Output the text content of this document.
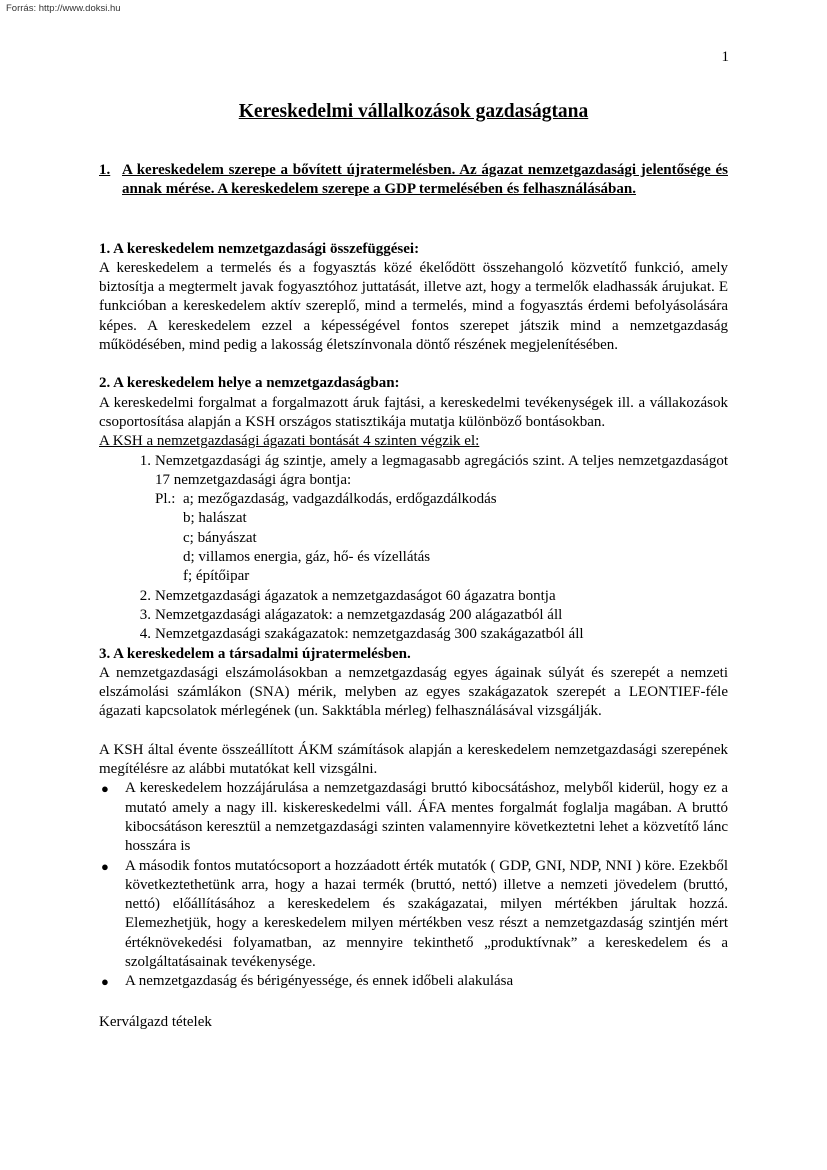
Forrás: http://www.doksi.hu
1
Kereskedelmi vállalkozások gazdaságtana
1. A kereskedelem szerepe a bővített újratermelésben. Az ágazat nemzetgazdasági jelentősége és annak mérése. A kereskedelem szerepe a GDP termelésében és felhasználásában.

1. A kereskedelem nemzetgazdasági összefüggései:

A kereskedelem a termelés és a fogyasztás közé ékelődött összehangoló közvetítő funkció, amely biztosítja a megtermelt javak fogyasztóhoz juttatását, illetve azt, hogy a termelők eladhassák árujukat. E funkcióban a kereskedelem aktív szereplő, mind a termelés, mind a fogyasztás érdemi befolyásolására képes. A kereskedelem ezzel a képességével fontos szerepet játszik mind a nemzetgazdaság működésében, mind pedig a lakosság életszínvonala döntő részének megjelenítésében.

2. A kereskedelem helye a nemzetgazdaságban:

A kereskedelmi forgalmat a forgalmazott áruk fajtási, a kereskedelmi tevékenységek ill. a vállakozások csoportosítása alapján a KSH országos statisztikája mutatja különböző bontásokban.

A KSH a nemzetgazdasági ágazati bontását 4 szinten végzik el:

1. Nemzetgazdasági ág szintje, amely a legmagasabb agregációs szint. A teljes nemzetgazdaságot 17 nemzetgazdasági ágra bontja:
Pl.: a; mezőgazdaság, vadgazdálkodás, erdőgazdálkodás
b; halászat
c; bányászat
d; villamos energia, gáz, hő- és vízellátás
f; építőipar
2. Nemzetgazdasági ágazatok a nemzetgazdaságot 60 ágazatra bontja
3. Nemzetgazdasági alágazatok: a nemzetgazdaság 200 alágazatból áll
4. Nemzetgazdasági szakágazatok: nemzetgazdaság 300 szakágazatból áll

3. A kereskedelem a társadalmi újratermelésben.

A nemzetgazdasági elszámolásokban a nemzetgazdaság egyes ágainak súlyát és szerepét a nemzeti elszámolási számlákon (SNA) mérik, melyben az egyes szakágazatok szerepét a LEONTIEF-féle ágazati kapcsolatok mérlegének (un. Sakktábla mérleg) felhasználásával vizsgálják.

A KSH által évente összeállított ÁKM számítások alapján a kereskedelem nemzetgazdasági szerepének megítélésre az alábbi mutatókat kell vizsgálni.

●	A kereskedelem hozzájárulása a nemzetgazdasági bruttó kibocsátáshoz, melyből kiderül, hogy ez a mutató amely a nagy ill. kiskereskedelmi váll. ÁFA mentes forgalmát foglalja magában. A bruttó kibocsátáson keresztül a nemzetgazdasági szinten valamennyire következtetni lehet a közvetítő lánc hosszára is
●	A második fontos mutatócsoport a hozzáadott érték mutatók ( GDP, GNI, NDP, NNI ) köre. Ezekből következtethetünk arra, hogy a hazai termék (bruttó, nettó) illetve a nemzeti jövedelem (bruttó, nettó) előállításához a kereskedelem és szakágazatai, milyen mértékben járultak hozzá. Elemezhetjük, hogy a kereskedelem milyen mértékben vesz részt a nemzetgazdaság szintjén mért értéknövekedési folyamatban, az mennyire tekinthető „produktívnak” a kereskedelem és a szolgáltatásainak tevékenysége.
●	A nemzetgazdaság és bérigényessége, és ennek időbeli alakulása

Kerválgazd tételek
